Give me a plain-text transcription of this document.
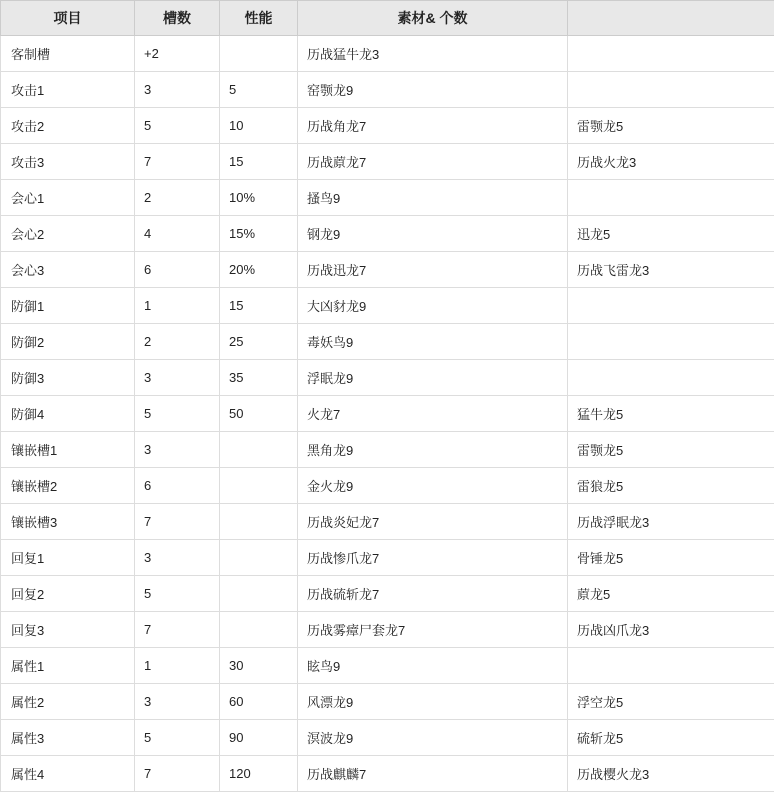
项目	槽数	性能	素材& 个数	
客制槽	+2		历战猛牛龙3	
攻击1	3	5	窑颚龙9	
攻击2	5	10	历战角龙7	雷颚龙5
攻击3	7	15	历战蒝龙7	历战火龙3
会心1	2	10%	搔鸟9	
会心2	4	15%	钢龙9	迅龙5
会心3	6	20%	历战迅龙7	历战飞雷龙3
防御1	1	15	大凶豺龙9	
防御2	2	25	毒妖鸟9	
防御3	3	35	浮眠龙9	
防御4	5	50	火龙7	猛牛龙5
镶嵌槽1	3		黑角龙9	雷颚龙5
镶嵌槽2	6		金火龙9	雷狼龙5
镶嵌槽3	7		历战炎妃龙7	历战浮眠龙3
回复1	3		历战惨爪龙7	骨锤龙5
回复2	5		历战硫斩龙7	蒝龙5
回复3	7		历战雾瘴尸套龙7	历战凶爪龙3
属性1	1	30	眩鸟9	
属性2	3	60	风漂龙9	浮空龙5
属性3	5	90	溟波龙9	硫斩龙5
属性4	7	120	历战麒麟7	历战樱火龙3
